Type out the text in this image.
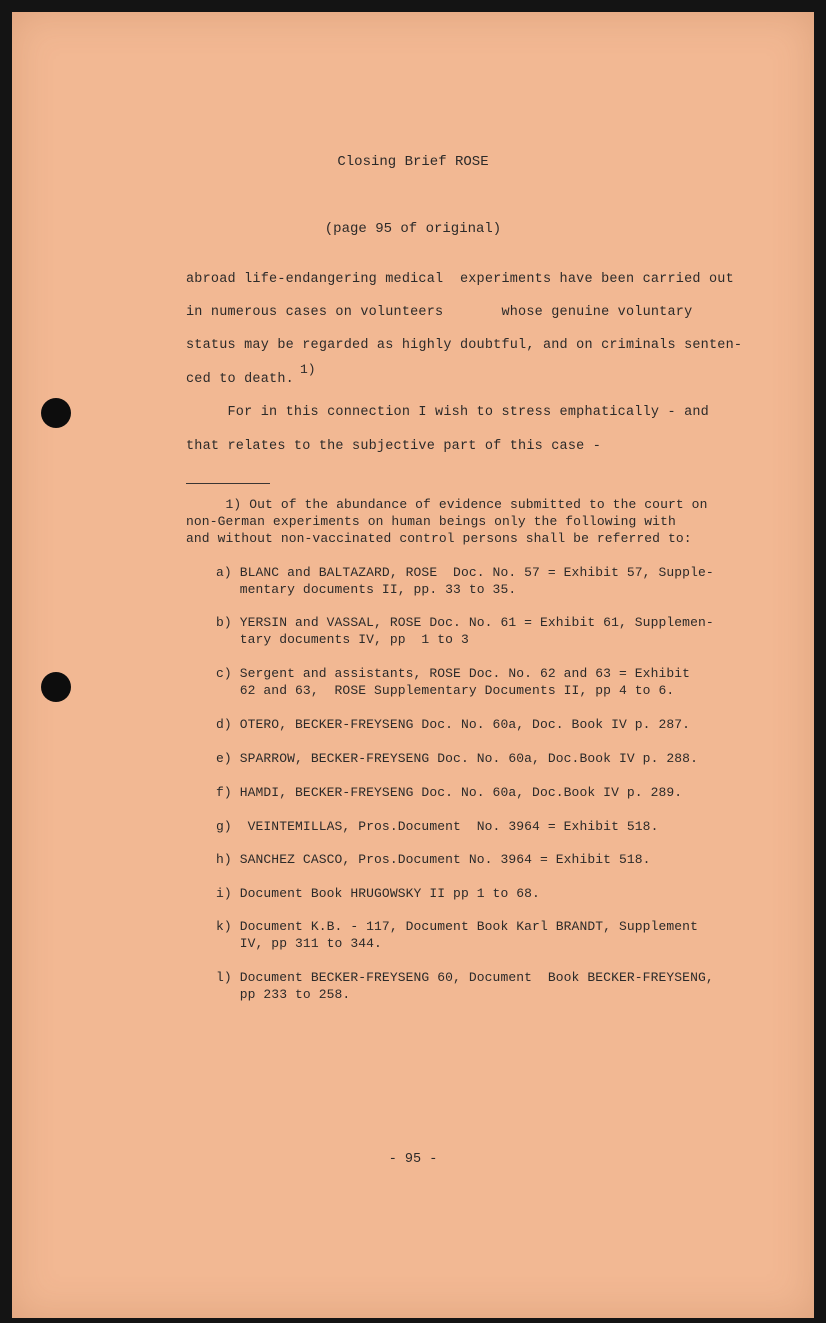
Closing Brief ROSE
(page 95 of original)
abroad life-endangering medical  experiments have been carried out
in numerous cases on volunteers       whose genuine voluntary
status may be regarded as highly doubtful, and on criminals senten-
ced to death.
1)
For in this connection I wish to stress emphatically - and
that relates to the subjective part of this case -
1) Out of the abundance of evidence submitted to the court on
non-German experiments on human beings only the following with
and without non-vaccinated control persons shall be referred to:
a) BLANC and BALTAZARD, ROSE  Doc. No. 57 = Exhibit 57, Supple-
mentary documents II, pp. 33 to 35.
b) YERSIN and VASSAL, ROSE Doc. No. 61 = Exhibit 61, Supplemen-
tary documents IV, pp  1 to 3
c) Sergent and assistants, ROSE Doc. No. 62 and 63 = Exhibit
62 and 63,  ROSE Supplementary Documents II, pp 4 to 6.
d) OTERO, BECKER-FREYSENG Doc. No. 60a, Doc. Book IV p. 287.
e) SPARROW, BECKER-FREYSENG Doc. No. 60a, Doc.Book IV p. 288.
f) HAMDI, BECKER-FREYSENG Doc. No. 60a, Doc.Book IV p. 289.
g)  VEINTEMILLAS, Pros.Document  No. 3964 = Exhibit 518.
h) SANCHEZ CASCO, Pros.Document No. 3964 = Exhibit 518.
i) Document Book HRUGOWSKY II pp 1 to 68.
k) Document K.B. - 117, Document Book Karl BRANDT, Supplement
IV, pp 311 to 344.
l) Document BECKER-FREYSENG 60, Document  Book BECKER-FREYSENG,
pp 233 to 258.
- 95 -
